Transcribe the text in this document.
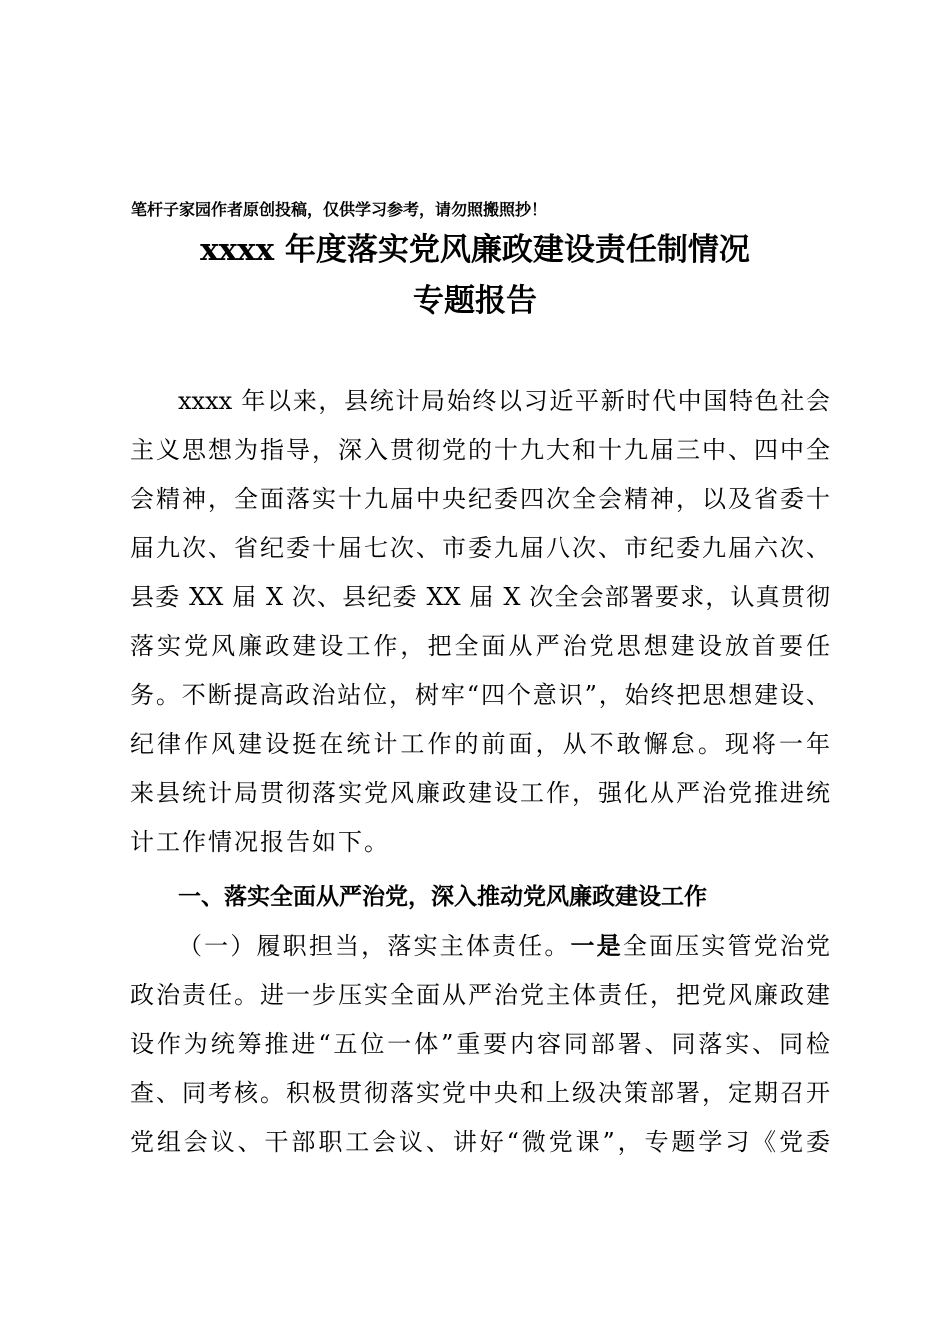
笔杆子家园作者原创投稿，仅供学习参考，请勿照搬照抄！
xxxx 年度落实党风廉政建设责任制情况
专题报告
xxxx 年以来，县统计局始终以习近平新时代中国特色社会
主义思想为指导，深入贯彻党的十九大和十九届三中、四中全
会精神，全面落实十九届中央纪委四次全会精神，以及省委十
届九次、省纪委十届七次、市委九届八次、市纪委九届六次、
县委 XX 届 X 次、县纪委 XX 届 X 次全会部署要求，认真贯彻
落实党风廉政建设工作，把全面从严治党思想建设放首要任
务。不断提高政治站位，树牢“四个意识”，始终把思想建设、
纪律作风建设挺在统计工作的前面，从不敢懈怠。现将一年
来县统计局贯彻落实党风廉政建设工作，强化从严治党推进统
计工作情况报告如下。
一、落实全面从严治党，深入推动党风廉政建设工作
（一）履职担当，落实主体责任。一是全面压实管党治党
政治责任。进一步压实全面从严治党主体责任，把党风廉政建
设作为统筹推进“五位一体”重要内容同部署、同落实、同检
查、同考核。积极贯彻落实党中央和上级决策部署，定期召开
党组会议、干部职工会议、讲好“微党课”，专题学习《党委
